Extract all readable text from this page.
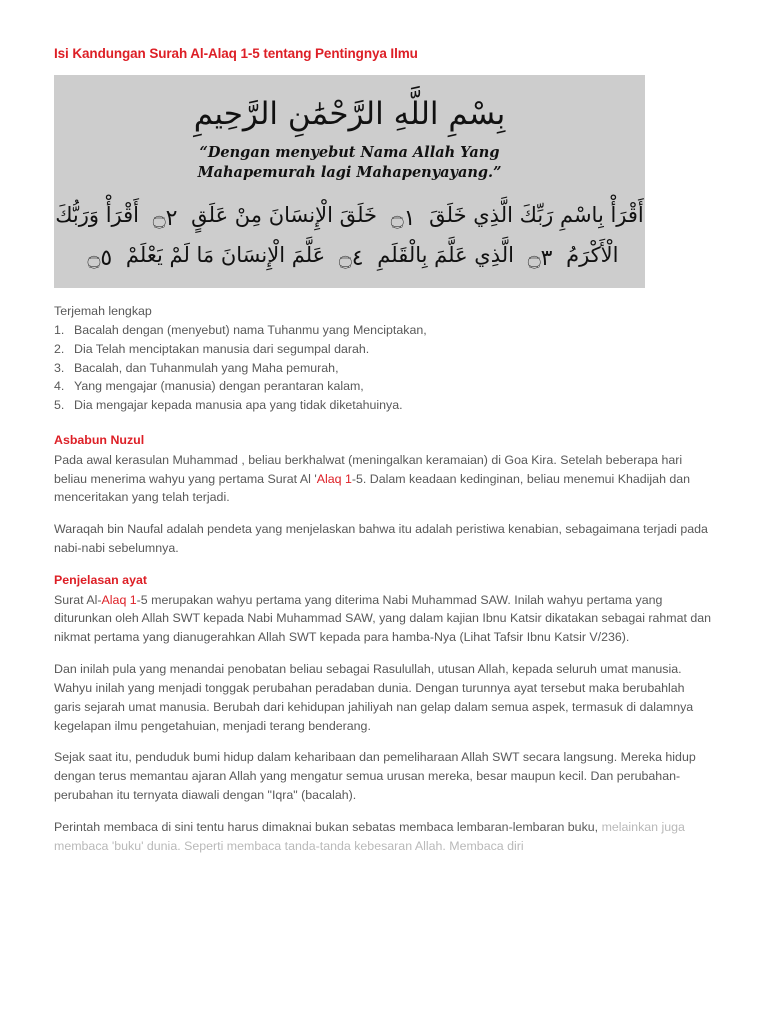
Isi Kandungan Surah Al-Alaq 1-5 tentang Pentingnya Ilmu
بِسْمِ اللَّهِ الرَّحْمَٰنِ الرَّحِيمِ
“Dengan menyebut Nama Allah Yang Mahapemurah lagi Mahapenyayang.”
أَقْرَأْ بِاسْمِ رَبِّكَ الَّذِي خَلَقَ ۝١ خَلَقَ الْإِنسَانَ مِنْ عَلَقٍ ۝٢ أَقْرَأْ وَرَبُّكَ
الْأَكْرَمُ ۝٣ الَّذِي عَلَّمَ بِالْقَلَمِ ۝٤ عَلَّمَ الْإِنسَانَ مَا لَمْ يَعْلَمْ ۝٥
Terjemah lengkap
1. Bacalah dengan (menyebut) nama Tuhanmu yang Menciptakan,
2. Dia Telah menciptakan manusia dari segumpal darah.
3. Bacalah, dan Tuhanmulah yang Maha pemurah,
4. Yang mengajar (manusia) dengan perantaran kalam,
5. Dia mengajar kepada manusia apa yang tidak diketahuinya.
Asbabun Nuzul

Pada awal kerasulan Muhammad , beliau berkhalwat (meningalkan keramaian) di Goa Kira. Setelah beberapa hari beliau menerima wahyu yang pertama Surat Al 'Alaq 1-5. Dalam keadaan kedinginan, beliau menemui Khadijah dan menceritakan yang telah terjadi.

Waraqah bin Naufal adalah pendeta yang menjelaskan bahwa itu adalah peristiwa kenabian, sebagaimana terjadi pada nabi-nabi sebelumnya.

Penjelasan ayat

Surat Al-Alaq 1-5 merupakan wahyu pertama yang diterima Nabi Muhammad SAW. Inilah wahyu pertama yang diturunkan oleh Allah SWT kepada Nabi Muhammad SAW, yang dalam kajian Ibnu Katsir dikatakan sebagai rahmat dan nikmat pertama yang dianugerahkan Allah SWT kepada para hamba-Nya (Lihat Tafsir Ibnu Katsir V/236).

Dan inilah pula yang menandai penobatan beliau sebagai Rasulullah, utusan Allah, kepada seluruh umat manusia. Wahyu inilah yang menjadi tonggak perubahan peradaban dunia. Dengan turunnya ayat tersebut maka berubahlah garis sejarah umat manusia. Berubah dari kehidupan jahiliyah nan gelap dalam semua aspek, termasuk di dalamnya kegelapan ilmu pengetahuian, menjadi terang benderang.

Sejak saat itu, penduduk bumi hidup dalam keharibaan dan pemeliharaan Allah SWT secara langsung. Mereka hidup dengan terus memantau ajaran Allah yang mengatur semua urusan mereka, besar maupun kecil. Dan perubahan-perubahan itu ternyata diawali dengan "Iqra" (bacalah).

Perintah membaca di sini tentu harus dimaknai bukan sebatas membaca lembaran-lembaran buku, melainkan juga membaca 'buku' dunia. Seperti membaca tanda-tanda kebesaran Allah. Membaca diri
